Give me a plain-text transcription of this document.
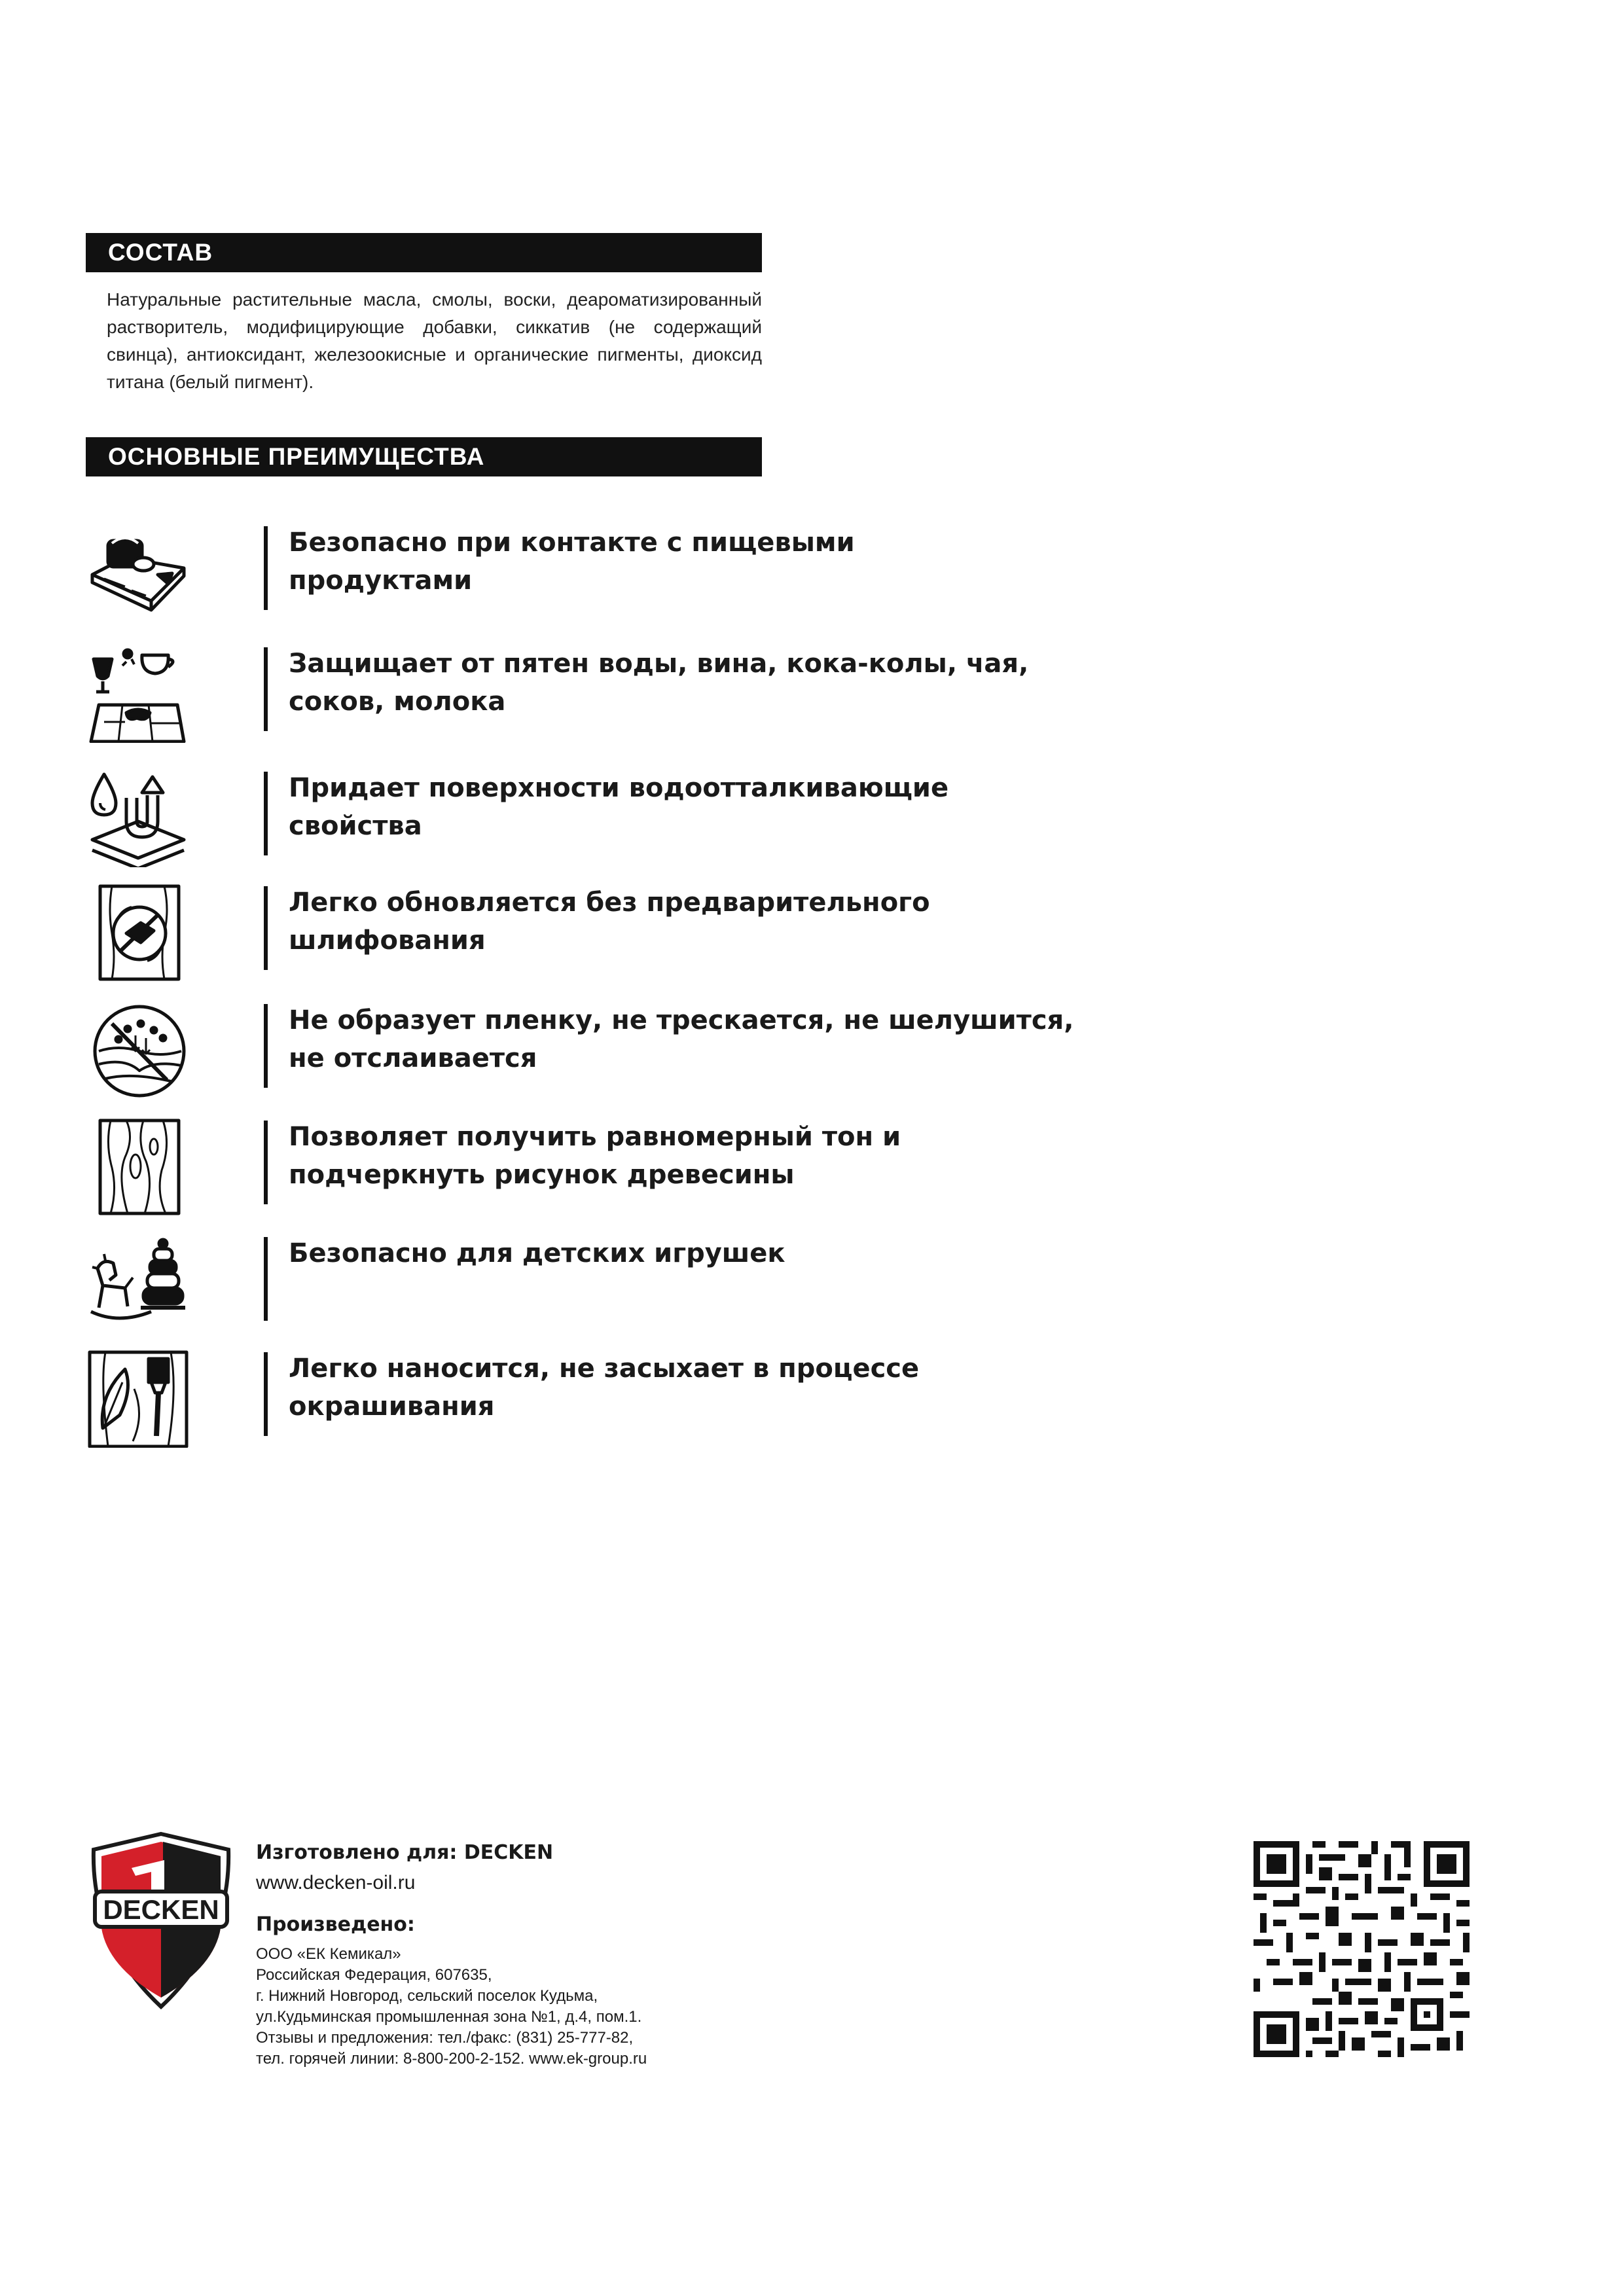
СОСТАВ
Натуральные растительные масла, смолы, воски, деароматизированный растворитель, модифицирующие добавки, сиккатив (не содержащий свинца), антиоксидант, железоокисные и органические пигменты, диоксид титана (белый пигмент).
ОСНОВНЫЕ ПРЕИМУЩЕСТВА
Безопасно при контакте с пищевыми
продуктами
Защищает от пятен воды, вина, кока-колы, чая,
соков, молока
Придает поверхности водоотталкивающие
свойства
Легко обновляется без предварительного
шлифования
Не образует пленку, не трескается, не шелушится,
не отслаивается
Позволяет получить равномерный тон и
подчеркнуть рисунок древесины
Безопасно для детских игрушек
Легко наносится, не засыхает в процессе
окрашивания
DECKEN
Изготовлено для: DECKEN
www.decken-oil.ru
Произведено:
ООО «ЕК Кемикал»
Российская Федерация, 607635,
г. Нижний Новгород, сельский поселок Кудьма,
ул.Кудьминская промышленная зона №1, д.4, пом.1.
Отзывы и предложения: тел./факс: (831) 25-777-82,
тел. горячей линии: 8-800-200-2-152. www.ek-group.ru
